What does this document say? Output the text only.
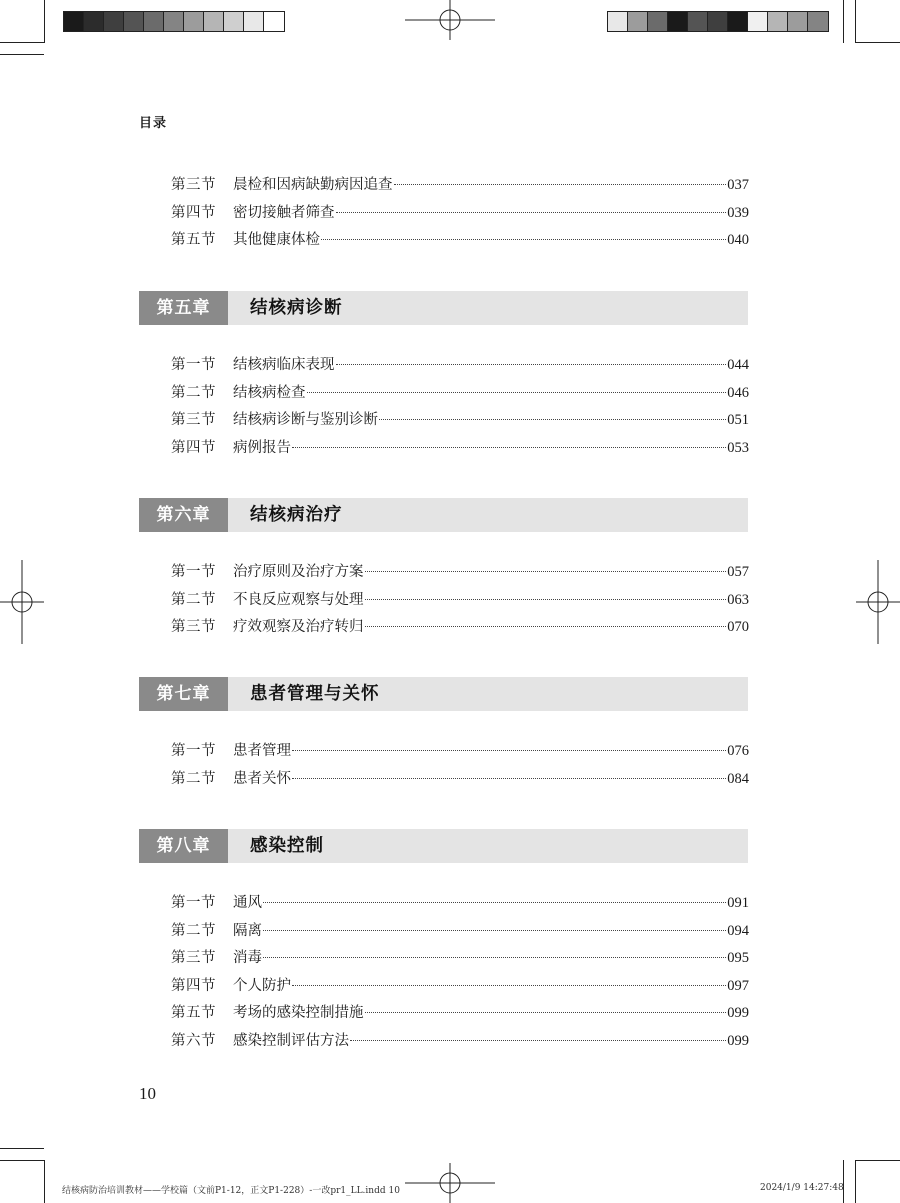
目录
第三节	晨检和因病缺勤病因追查	037
第四节	密切接触者筛查	039
第五节	其他健康体检	040
第五章	结核病诊断
第一节	结核病临床表现	044
第二节	结核病检查	046
第三节	结核病诊断与鉴别诊断	051
第四节	病例报告	053
第六章	结核病治疗
第一节	治疗原则及治疗方案	057
第二节	不良反应观察与处理	063
第三节	疗效观察及治疗转归	070
第七章	患者管理与关怀
第一节	患者管理	076
第二节	患者关怀	084
第八章	感染控制
第一节	通风	091
第二节	隔离	094
第三节	消毒	095
第四节	个人防护	097
第五节	考场的感染控制措施	099
第六节	感染控制评估方法	099
10
结核病防治培训教材——学校篇（文前P1-12，正文P1-228）-一改pr1_LL.indd 10	2024/1/9 14:27:48
